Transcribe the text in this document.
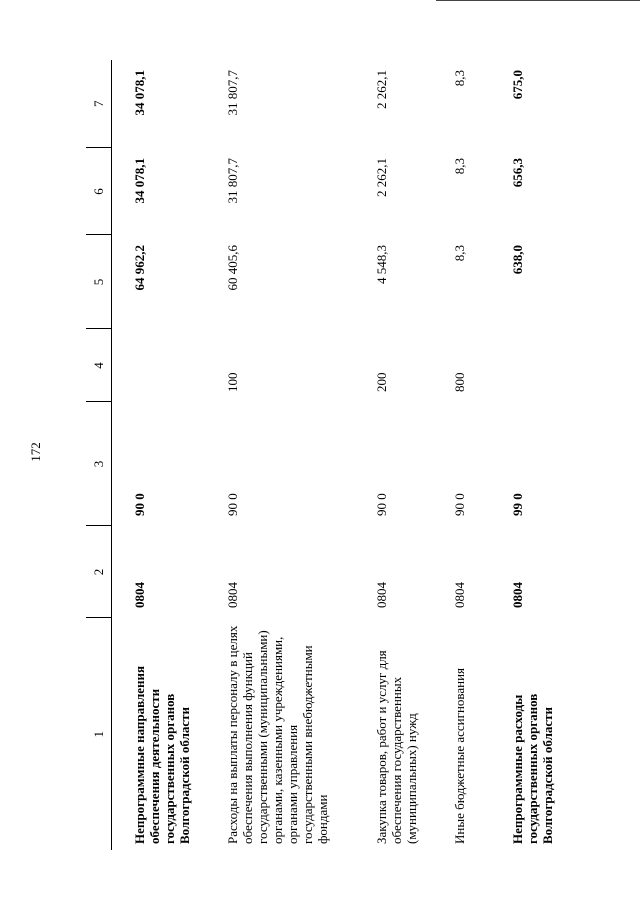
172
1	2	3	4	5	6	7
Непрограммные направления обеспечения деятельности государственных органов Волгоградской области	0804	90 0		64 962,2	34 078,1	34 078,1
Расходы на выплаты персоналу в целях обеспечения выполнения функций государственными (муниципальными) органами, казенными учреждениями, органами управления государственными внебюджетными фондами	0804	90 0	100	60 405,6	31 807,7	31 807,7
Закупка товаров, работ и услуг для обеспечения государственных (муниципальных) нужд	0804	90 0	200	4 548,3	2 262,1	2 262,1
Иные бюджетные ассигнования	0804	90 0	800	8,3	8,3	8,3
Непрограммные расходы государственных органов Волгоградской области	0804	99 0		638,0	656,3	675,0
